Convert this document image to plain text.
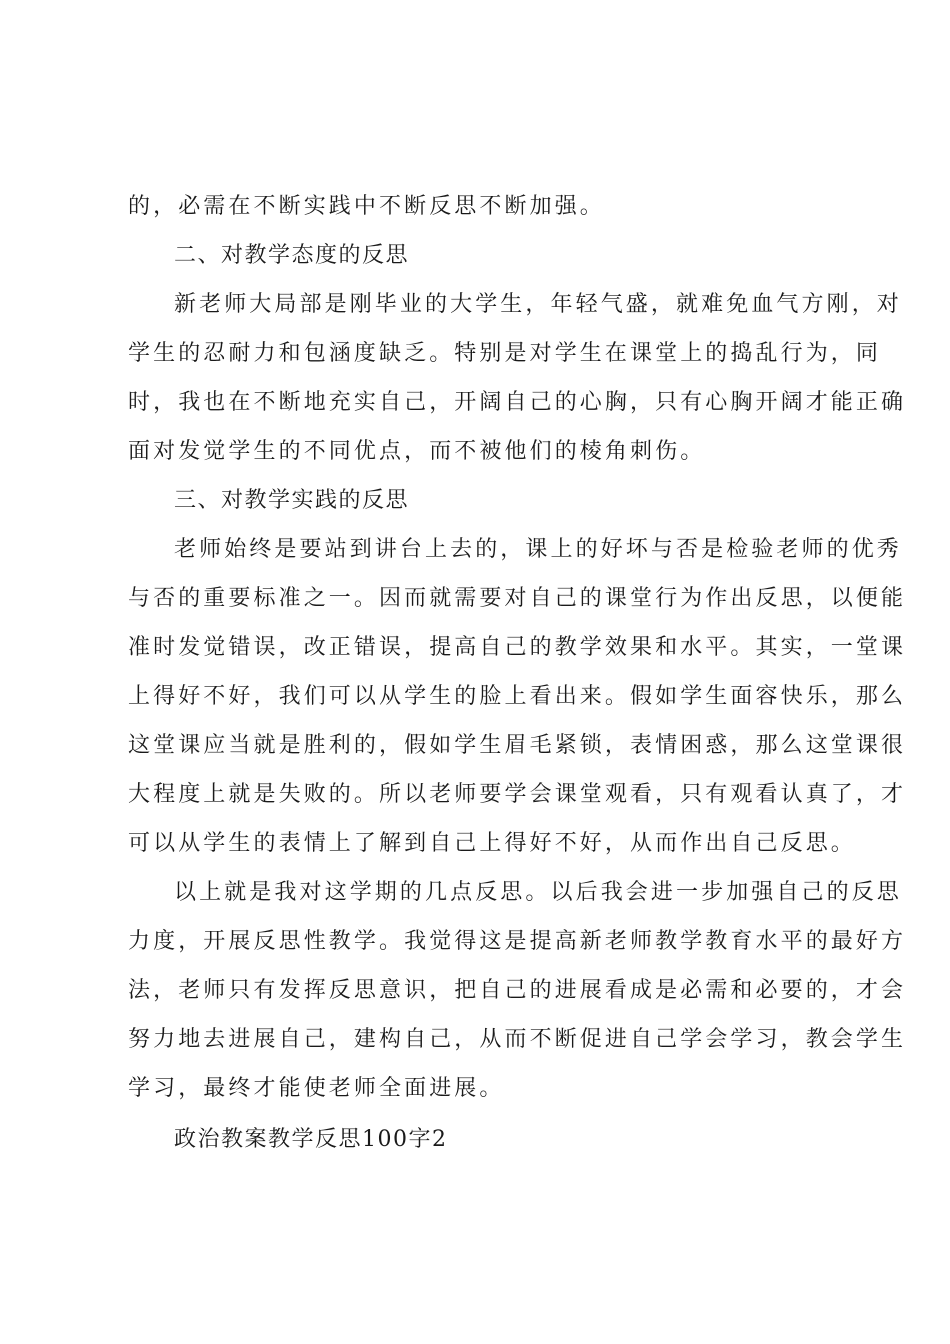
的，必需在不断实践中不断反思不断加强。
二、对教学态度的反思
新老师大局部是刚毕业的大学生，年轻气盛，就难免血气方刚，对
学生的忍耐力和包涵度缺乏。特别是对学生在课堂上的捣乱行为，同
时，我也在不断地充实自己，开阔自己的心胸，只有心胸开阔才能正确
面对发觉学生的不同优点，而不被他们的棱角刺伤。
三、对教学实践的反思
老师始终是要站到讲台上去的，课上的好坏与否是检验老师的优秀
与否的重要标准之一。因而就需要对自己的课堂行为作出反思，以便能
准时发觉错误，改正错误，提高自己的教学效果和水平。其实，一堂课
上得好不好，我们可以从学生的脸上看出来。假如学生面容快乐，那么
这堂课应当就是胜利的，假如学生眉毛紧锁，表情困惑，那么这堂课很
大程度上就是失败的。所以老师要学会课堂观看，只有观看认真了，才
可以从学生的表情上了解到自己上得好不好，从而作出自己反思。
以上就是我对这学期的几点反思。以后我会进一步加强自己的反思
力度，开展反思性教学。我觉得这是提高新老师教学教育水平的最好方
法，老师只有发挥反思意识，把自己的进展看成是必需和必要的，才会
努力地去进展自己，建构自己，从而不断促进自己学会学习，教会学生
学习，最终才能使老师全面进展。
政治教案教学反思100字2
